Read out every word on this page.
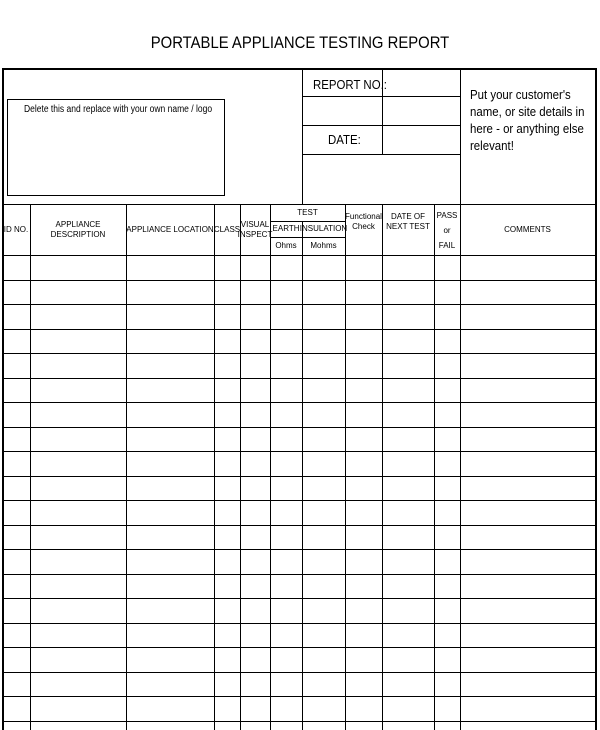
PORTABLE APPLIANCE TESTING REPORT
Delete this and replace with your own name / logo
REPORT NO.:
DATE:
Put your customer's name, or site details in here - or anything else relevant!
ID NO.
APPLIANCE DESCRIPTION
APPLIANCE LOCATION CLASS
VISUAL
INSPECT
TEST
EARTH INSULATION
Ohms Mohms
Functional
Check
DATE OF
NEXT TEST
PASS
or
FAIL
COMMENTS
